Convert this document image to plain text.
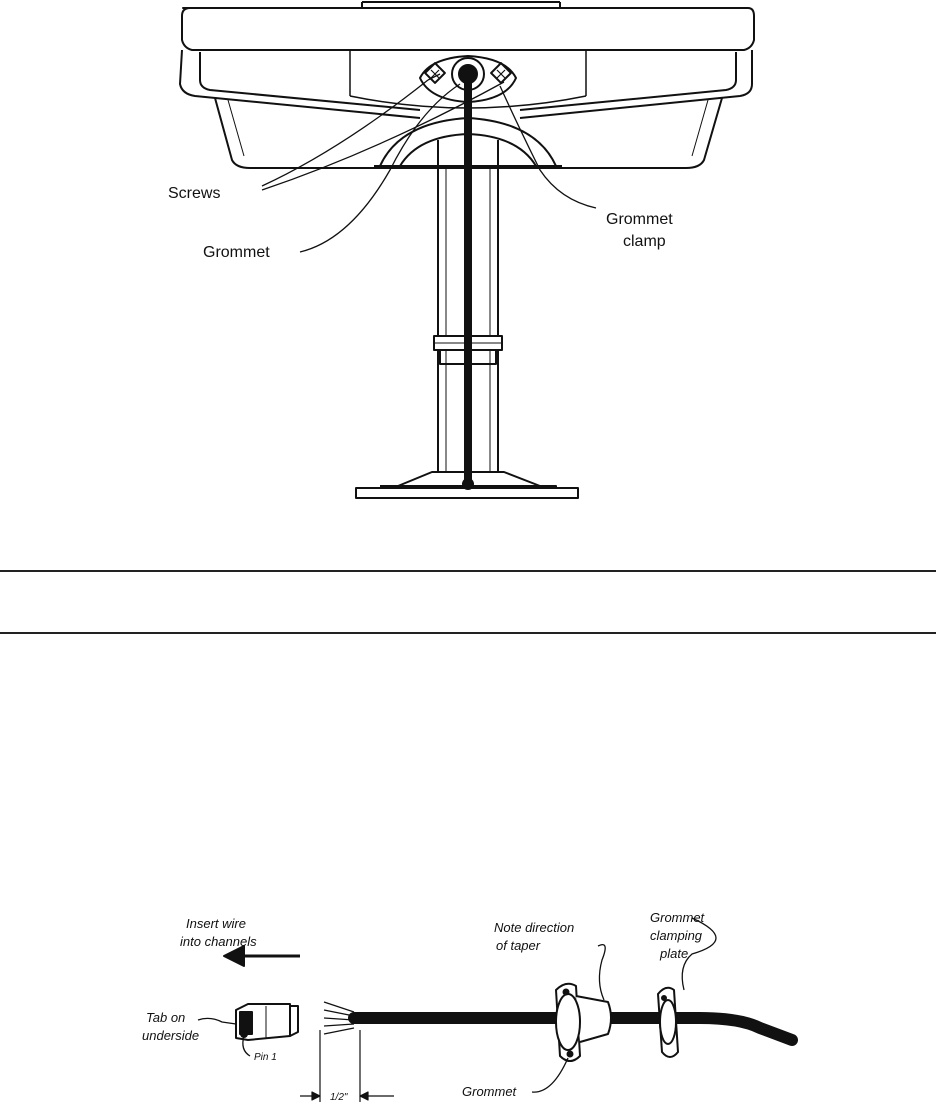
Screws
Grommet
Grommet
clamp
Insert wire
into channels
Tab on
underside
Pin 1
1/2"
Note direction
of taper
Grommet
Grommet
clamping
plate
